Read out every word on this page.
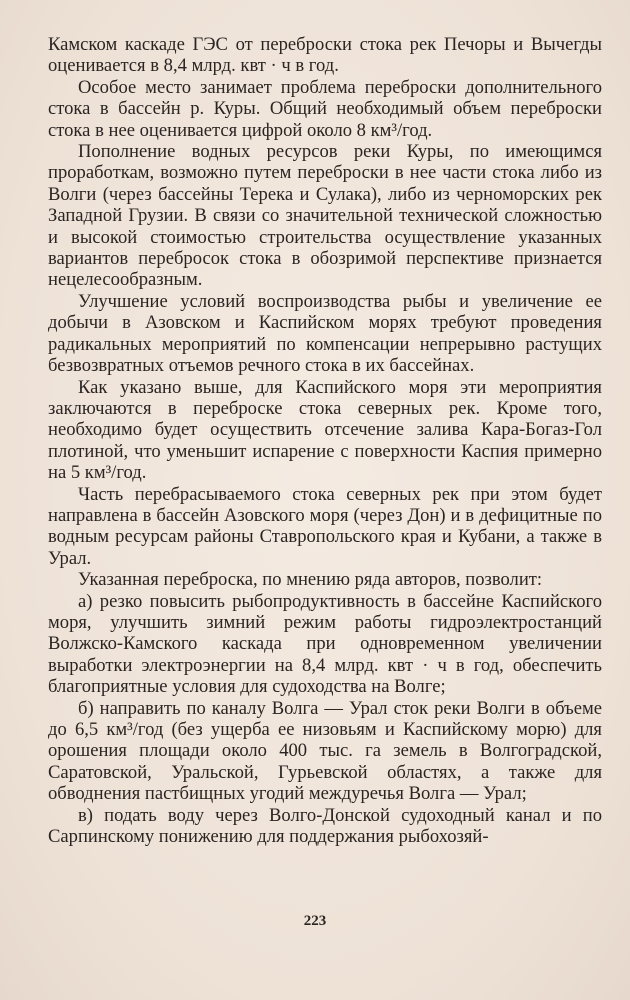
Камском каскаде ГЭС от переброски стока рек Печоры и Вычегды оценивается в 8,4 млрд. квт · ч в год.

Особое место занимает проблема переброски дополнительного стока в бассейн р. Куры. Общий необходимый объем переброски стока в нее оценивается цифрой около 8 км³/год.

Пополнение водных ресурсов реки Куры, по имеющимся проработкам, возможно путем переброски в нее части стока либо из Волги (через бассейны Терека и Сулака), либо из черноморских рек Западной Грузии. В связи со значительной технической сложностью и высокой стоимостью строительства осуществление указанных вариантов перебросок стока в обозримой перспективе признается нецелесообразным.

Улучшение условий воспроизводства рыбы и увеличение ее добычи в Азовском и Каспийском морях требуют проведения радикальных мероприятий по компенсации непрерывно растущих безвозвратных отъемов речного стока в их бассейнах.

Как указано выше, для Каспийского моря эти мероприятия заключаются в переброске стока северных рек. Кроме того, необходимо будет осуществить отсечение залива Кара-Богаз-Гол плотиной, что уменьшит испарение с поверхности Каспия примерно на 5 км³/год.

Часть перебрасываемого стока северных рек при этом будет направлена в бассейн Азовского моря (через Дон) и в дефицитные по водным ресурсам районы Ставропольского края и Кубани, а также в Урал.

Указанная переброска, по мнению ряда авторов, позволит:

а) резко повысить рыбопродуктивность в бассейне Каспийского моря, улучшить зимний режим работы гидроэлектростанций Волжско-Камского каскада при одновременном увеличении выработки электроэнергии на 8,4 млрд. квт · ч в год, обеспечить благоприятные условия для судоходства на Волге;

б) направить по каналу Волга — Урал сток реки Волги в объеме до 6,5 км³/год (без ущерба ее низовьям и Каспийскому морю) для орошения площади около 400 тыс. га земель в Волгоградской, Саратовской, Уральской, Гурьевской областях, а также для обводнения пастбищных угодий междуречья Волга — Урал;

в) подать воду через Волго-Донской судоходный канал и по Сарпинскому понижению для поддержания рыбохозяй-

223
